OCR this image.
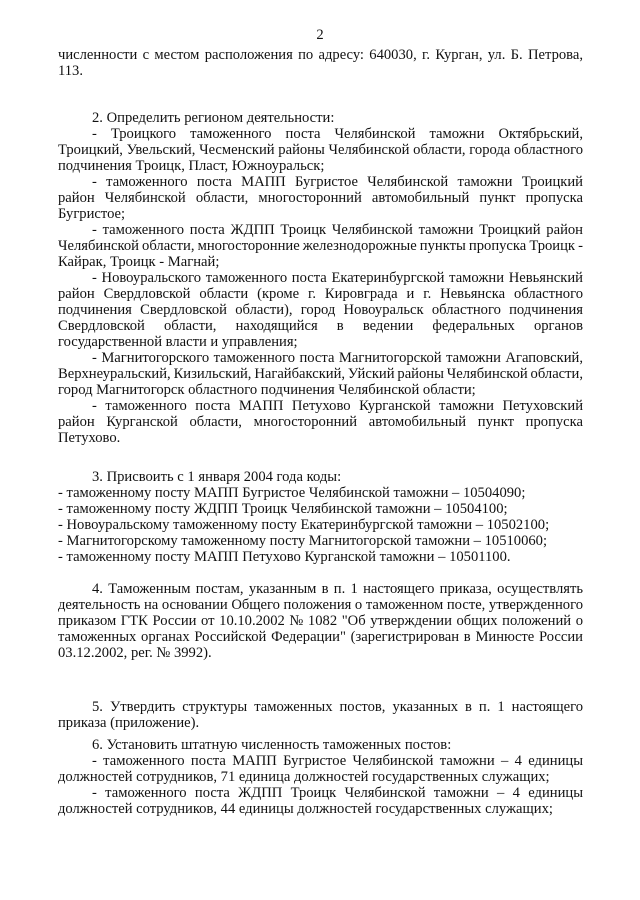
2
численности с местом расположения по адресу: 640030, г. Курган, ул. Б. Петрова,
113.
2. Определить регионом деятельности:
- Троицкого таможенного поста Челябинской таможни Октябрьский,
Троицкий, Увельский, Чесменский районы Челябинской области, города областного
подчинения Троицк, Пласт, Южноуральск;
- таможенного поста МАПП Бугристое Челябинской таможни Троицкий
район Челябинской области, многосторонний автомобильный пункт пропуска
Бугристое;
- таможенного поста ЖДПП Троицк Челябинской таможни Троицкий район
Челябинской области, многосторонние железнодорожные пункты пропуска Троицк -
Кайрак, Троицк - Магнай;
- Новоуральского таможенного поста Екатеринбургской таможни Невьянский
район Свердловской области (кроме г. Кировграда и г. Невьянска областного
подчинения Свердловской области), город Новоуральск областного подчинения
Свердловской области, находящийся в ведении федеральных органов
государственной власти и управления;
- Магнитогорского таможенного поста Магнитогорской таможни Агаповский,
Верхнеуральский, Кизильский, Нагайбакский, Уйский районы Челябинской области,
город Магнитогорск областного подчинения Челябинской области;
- таможенного поста МАПП Петухово Курганской таможни Петуховский
район Курганской области, многосторонний автомобильный пункт пропуска
Петухово.
3. Присвоить с 1 января 2004 года коды:
- таможенному посту МАПП Бугристое Челябинской таможни – 10504090;
- таможенному посту ЖДПП Троицк Челябинской таможни – 10504100;
- Новоуральскому таможенному посту Екатеринбургской таможни – 10502100;
- Магнитогорскому таможенному посту Магнитогорской таможни – 10510060;
- таможенному посту МАПП Петухово Курганской таможни – 10501100.
4. Таможенным постам, указанным в п. 1 настоящего приказа, осуществлять
деятельность на основании Общего положения о таможенном посте, утвержденного
приказом ГТК России от 10.10.2002 № 1082 "Об утверждении общих положений о
таможенных органах Российской Федерации" (зарегистрирован в Минюсте России
03.12.2002, рег. № 3992).
5. Утвердить структуры таможенных постов, указанных в п. 1 настоящего
приказа (приложение).
6. Установить штатную численность таможенных постов:
- таможенного поста МАПП Бугристое Челябинской таможни – 4 единицы
должностей сотрудников, 71 единица должностей государственных служащих;
- таможенного поста ЖДПП Троицк Челябинской таможни – 4 единицы
должностей сотрудников, 44 единицы должностей государственных служащих;
